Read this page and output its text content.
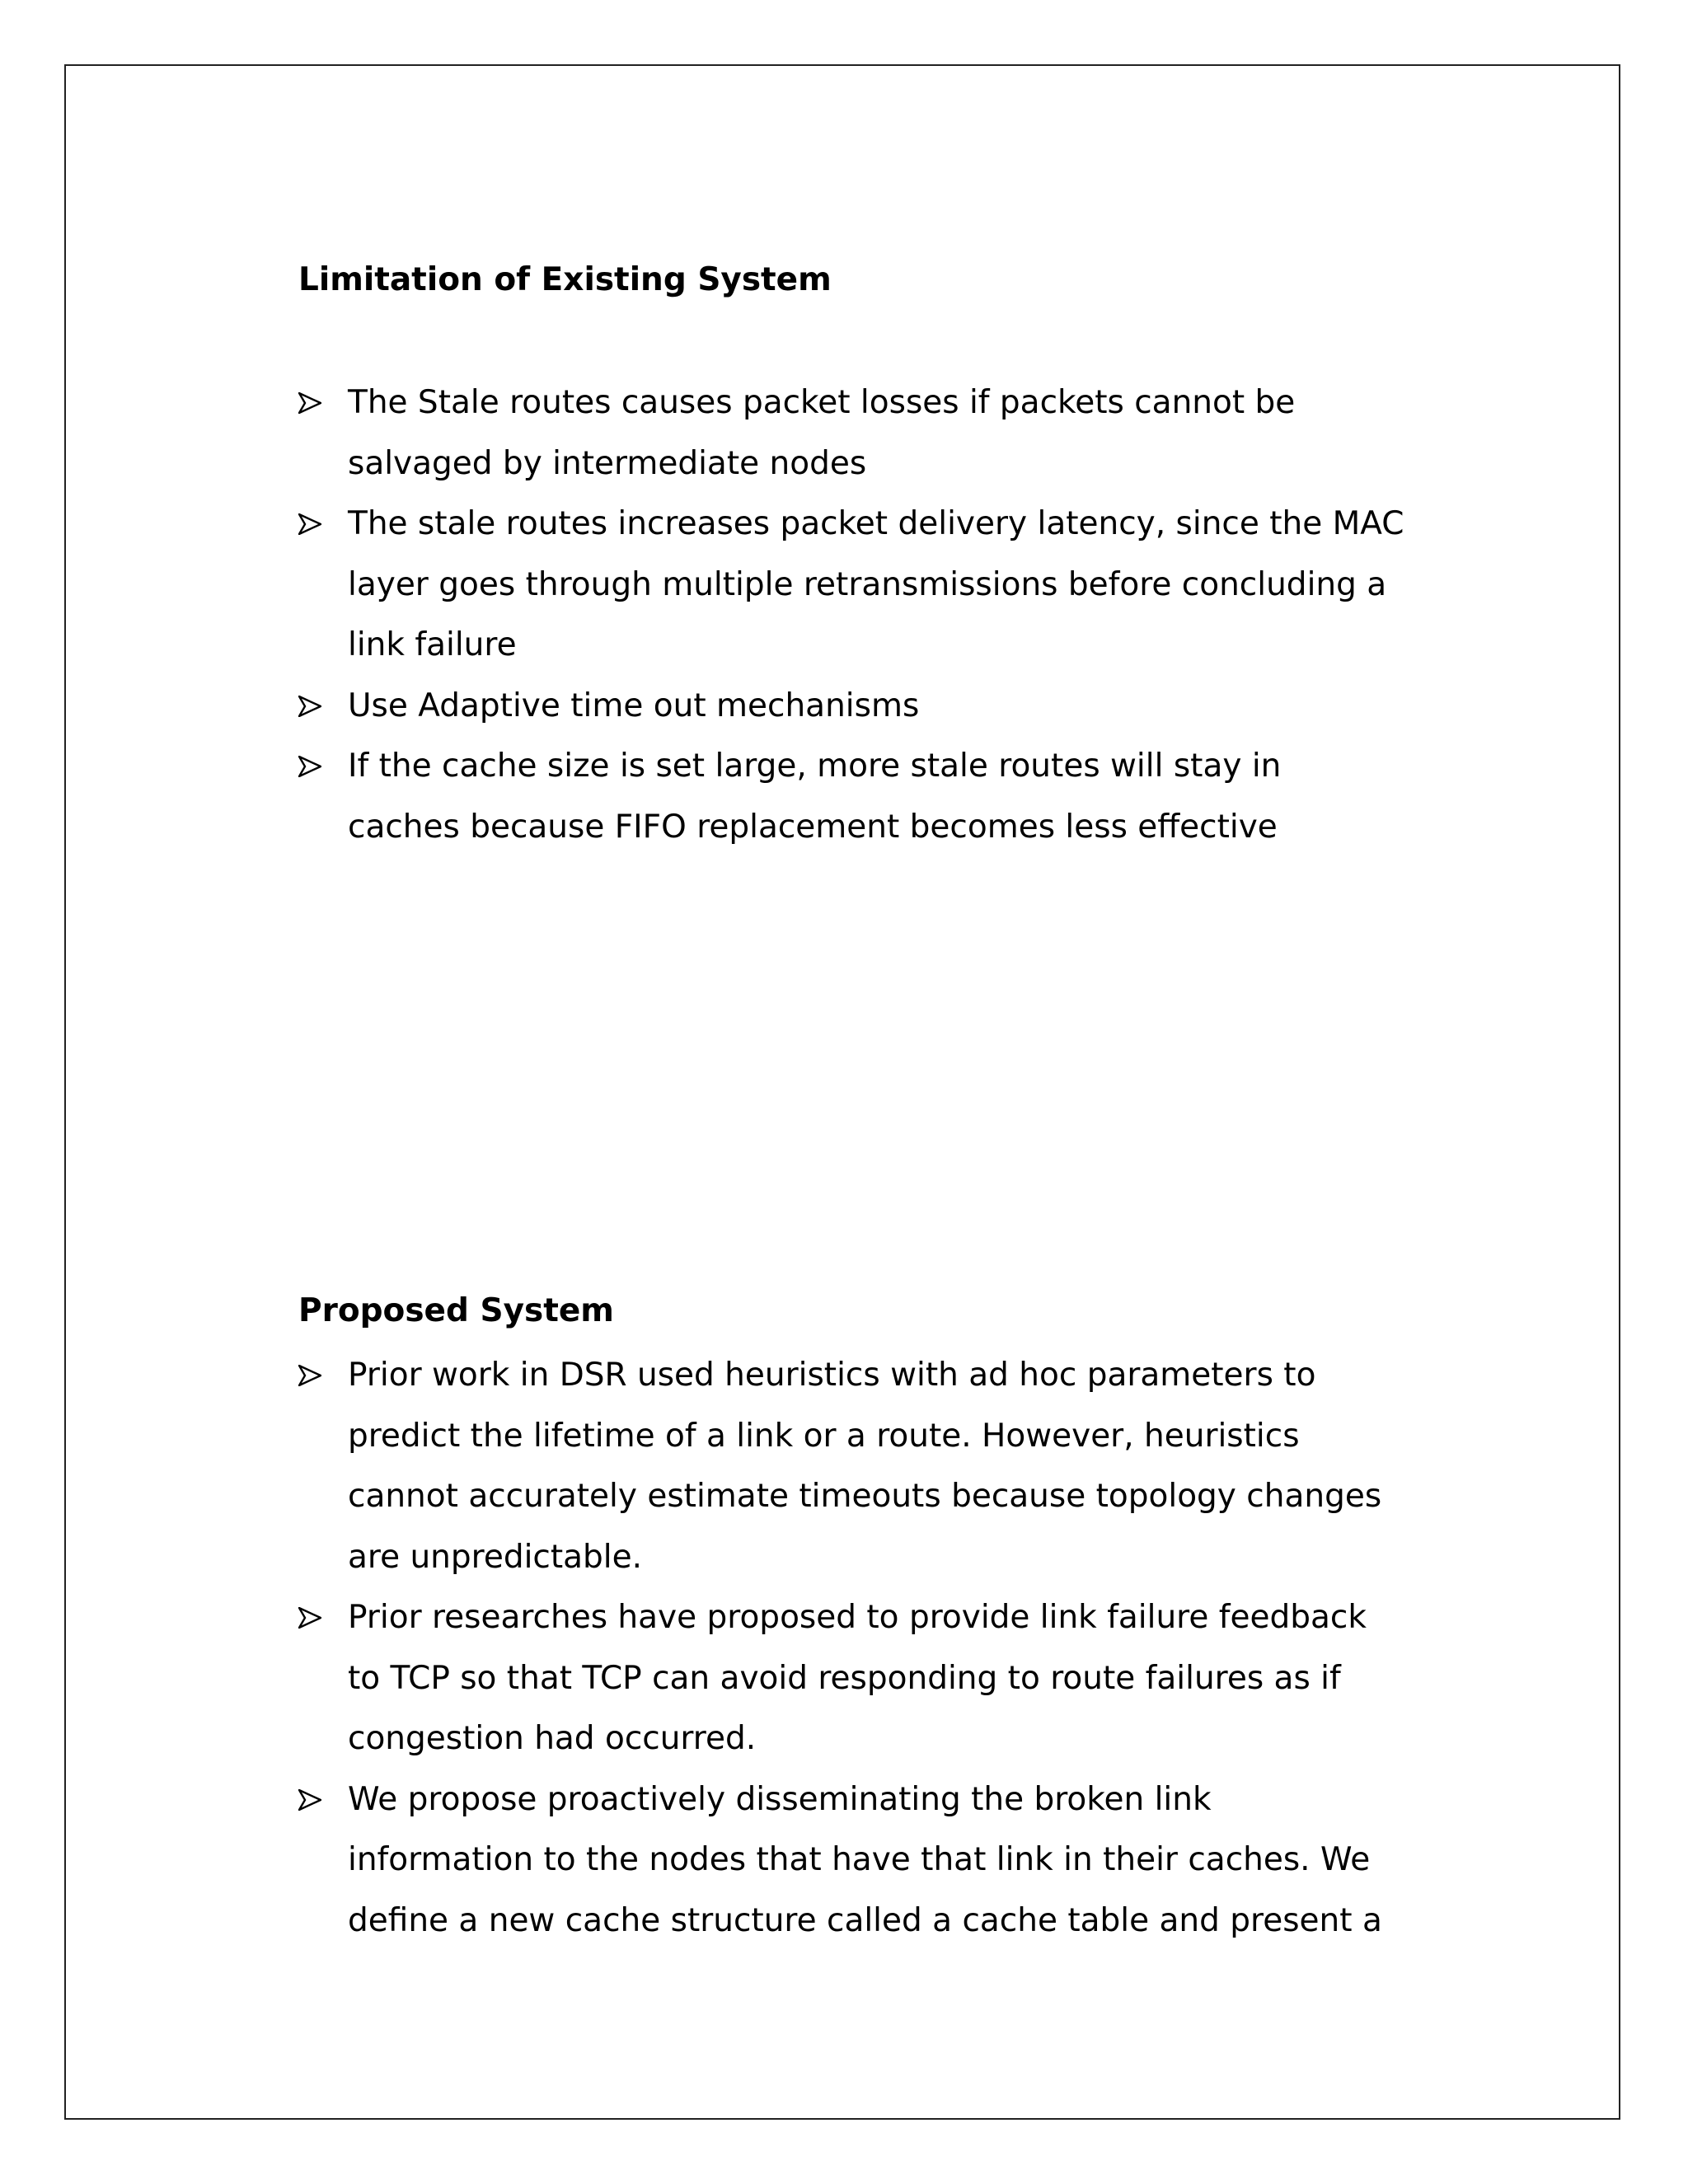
Limitation of Existing System
The Stale routes causes packet losses if packets cannot be
salvaged by intermediate nodes
The stale routes increases packet delivery latency, since the MAC
layer goes through multiple retransmissions before concluding a
link failure
Use Adaptive time out mechanisms
If the cache size is set large, more stale routes will stay in
caches because FIFO replacement becomes less effective
Proposed System
Prior work in DSR used heuristics with ad hoc parameters to
predict the lifetime of a link or a route. However, heuristics
cannot accurately estimate timeouts because topology changes
are unpredictable.
Prior researches have proposed to provide link failure feedback
to TCP so that TCP can avoid responding to route failures as if
congestion had occurred.
We propose proactively disseminating the broken link
information to the nodes that have that link in their caches. We
define a new cache structure called a cache table and present a
